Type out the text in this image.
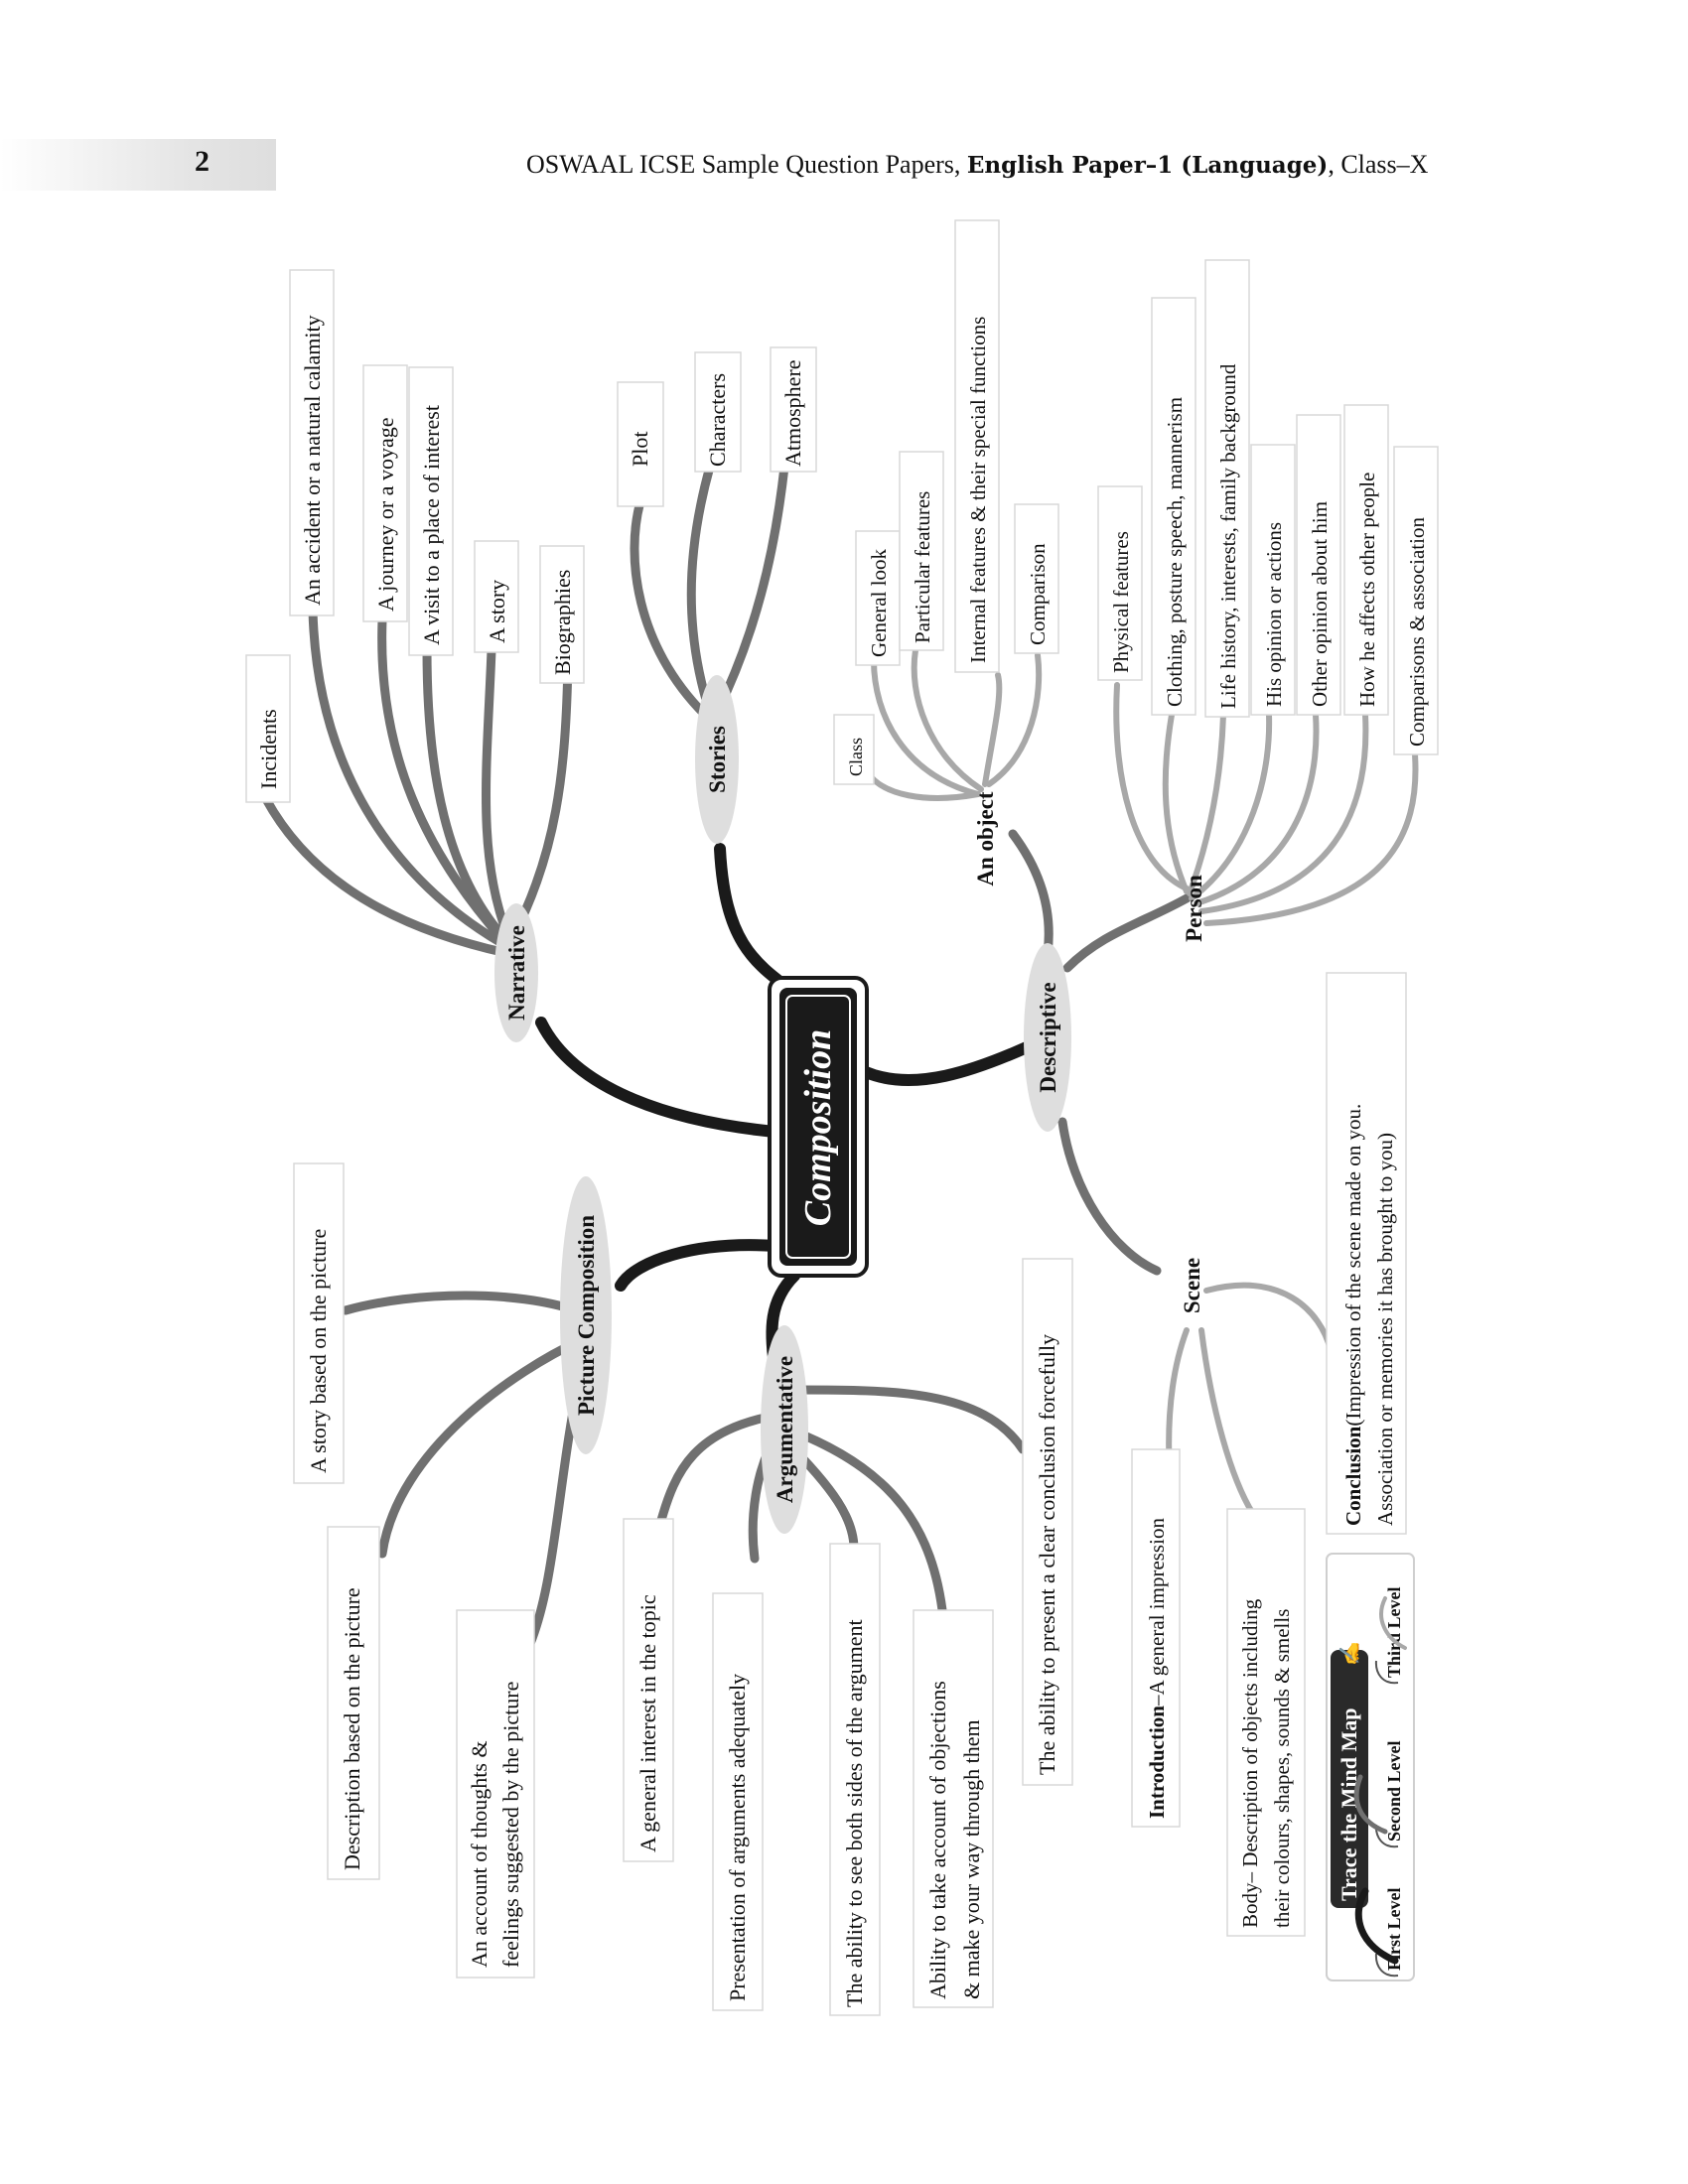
2	OSWAAL ICSE Sample Question Papers, English Paper–1 (Language), Class–X
Composition
Narrative
Stories
Descriptive
An object
Person
Scene
Picture Composition
Argumentative
Incidents
An accident or a natural calamity A journey or a voyage A visit to a place of interest A story Biographies
Plot Characters Atmosphere
Class
General look Particular features Internal features & their special functions Comparison	Physical features Clothing, posture speech, mannerism Life history, interests, family background His opinion or actions Other opinion about him How he affects other people Comparisons & association
Introduction–A general impression	Body– Description of objects including their colours, shapes, sounds & smells
Conclusion(Impression of the scene made on you. Association or memories it has brought to you)
A story based on the picture
Description based on the picture	An account of thoughts & feelings suggested by the picture	A general interest in the topic	Presentation of arguments adequately	The ability to see both sides of the argument	Ability to take account of objections & make your way through them
The ability to present a clear conclusion forcefully
Trace the Mind Map
✍
First Level
Second Level
Third Level
